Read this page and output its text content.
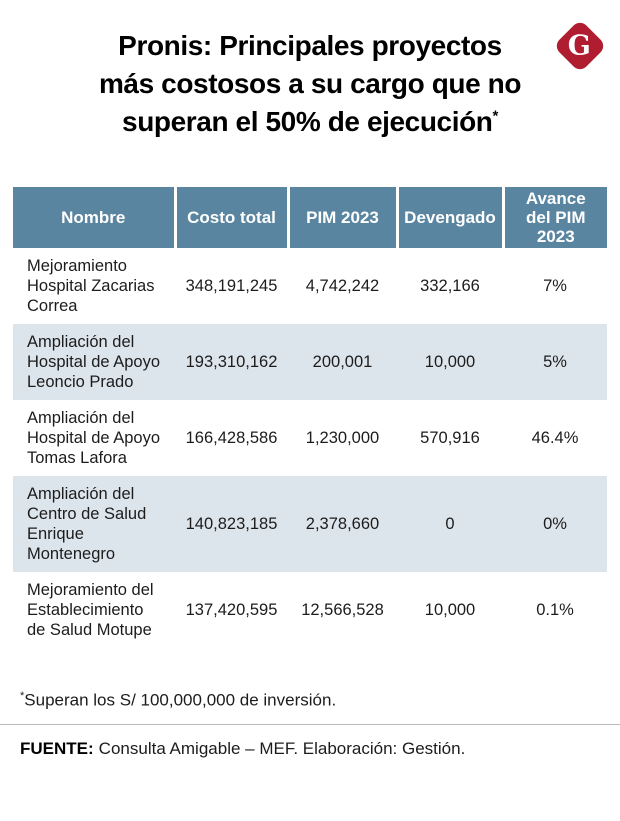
Pronis: Principales proyectos
más costosos a su cargo que no
superan el 50% de ejecución*
G
Nombre	Costo total	PIM 2023	Devengado	Avance del PIM 2023
Mejoramiento Hospital Zacarias Correa	348,191,245	4,742,242	332,166	7%
Ampliación del Hospital de Apoyo Leoncio Prado	193,310,162	200,001	10,000	5%
Ampliación del Hospital de Apoyo Tomas Lafora	166,428,586	1,230,000	570,916	46.4%
Ampliación del Centro de Salud Enrique Montenegro	140,823,185	2,378,660	0	0%
Mejoramiento del Establecimiento de Salud Motupe	137,420,595	12,566,528	10,000	0.1%

*Superan los S/ 100,000,000 de inversión.

FUENTE: Consulta Amigable – MEF. Elaboración: Gestión.
